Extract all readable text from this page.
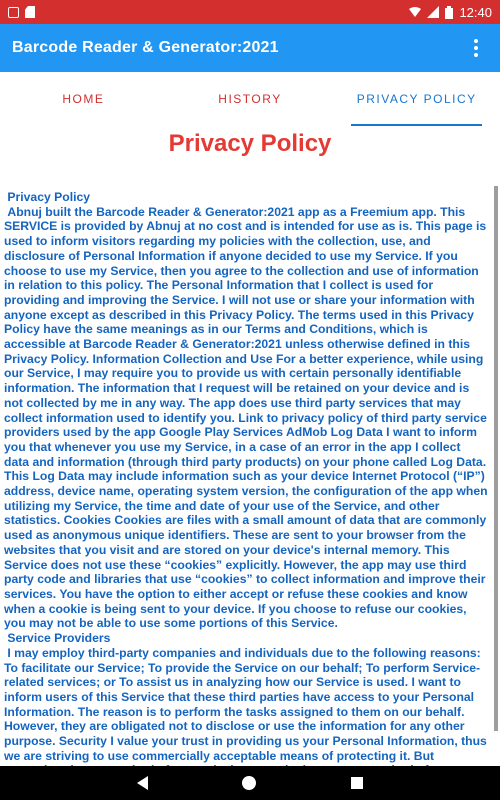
12:40
Barcode Reader & Generator:2021
HOME	HISTORY	PRIVACY POLICY
Privacy Policy
Privacy Policy
Abnuj built the Barcode Reader & Generator:2021 app as a Freemium app. This SERVICE is provided by Abnuj at no cost and is intended for use as is. This page is used to inform visitors regarding my policies with the collection, use, and disclosure of Personal Information if anyone decided to use my Service. If you choose to use my Service, then you agree to the collection and use of information in relation to this policy. The Personal Information that I collect is used for providing and improving the Service. I will not use or share your information with anyone except as described in this Privacy Policy. The terms used in this Privacy Policy have the same meanings as in our Terms and Conditions, which is accessible at Barcode Reader & Generator:2021 unless otherwise defined in this Privacy Policy. Information Collection and Use For a better experience, while using our Service, I may require you to provide us with certain personally identifiable information. The information that I request will be retained on your device and is not collected by me in any way. The app does use third party services that may collect information used to identify you. Link to privacy policy of third party service providers used by the app Google Play Services AdMob Log Data I want to inform you that whenever you use my Service, in a case of an error in the app I collect data and information (through third party products) on your phone called Log Data. This Log Data may include information such as your device Internet Protocol (“IP”) address, device name, operating system version, the configuration of the app when utilizing my Service, the time and date of your use of the Service, and other statistics. Cookies Cookies are files with a small amount of data that are commonly used as anonymous unique identifiers. These are sent to your browser from the websites that you visit and are stored on your device's internal memory. This Service does not use these “cookies” explicitly. However, the app may use third party code and libraries that use “cookies” to collect information and improve their services. You have the option to either accept or refuse these cookies and know when a cookie is being sent to your device. If you choose to refuse our cookies, you may not be able to use some portions of this Service.
Service Providers
I may employ third-party companies and individuals due to the following reasons: To facilitate our Service; To provide the Service on our behalf; To perform Service-related services; or To assist us in analyzing how our Service is used. I want to inform users of this Service that these third parties have access to your Personal Information. The reason is to perform the tasks assigned to them on our behalf. However, they are obligated not to disclose or use the information for any other purpose. Security I value your trust in providing us your Personal Information, thus we are striving to use commercially acceptable means of protecting it. But
